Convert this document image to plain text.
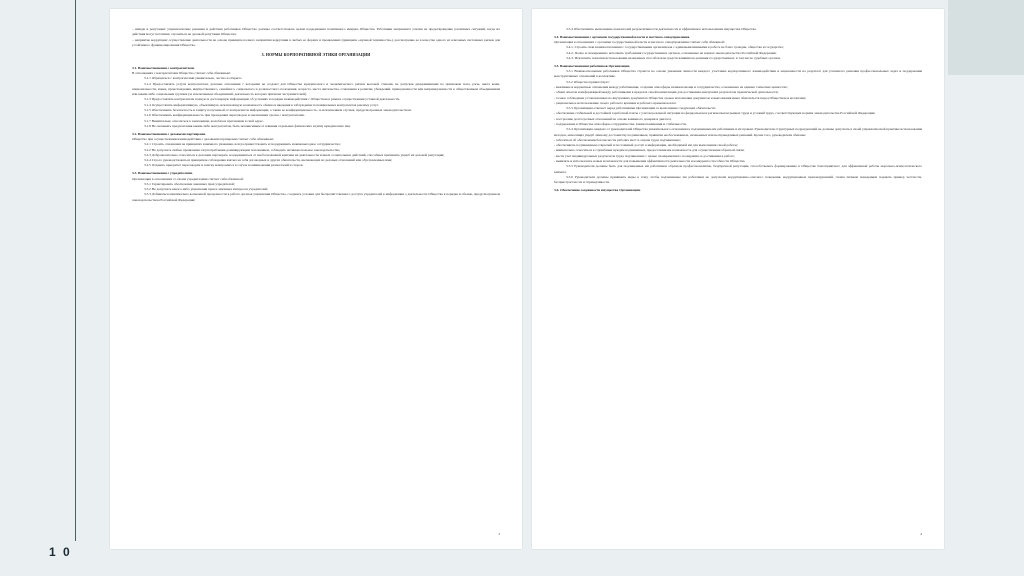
1 0

– имидж и репутация: управленческие решения и действия работников Общества должны соответствовать целям поддержания позитивного имиджа Общества. Работники направляют усилия на предотвращение различных ситуаций, когда их действия могут негативно отразиться на деловой репутации Общества;

– неприятие коррупции: осуществление деятельности на основе принципа полного неприятия коррупции в любых ее формах и проявлениях (принципа «нулевой терпимости»), рассмотрение ее в качестве одного из ключевых системных рисков для устойчивого функционирования Общества.

3. НОРМЫ КОРПОРАТИВНОЙ ЭТИКИ ОРГАНИЗАЦИИ

3.1. Взаимоотношения с контрагентами.

В отношениях с контрагентами Общество считает себя обязанным:

3.1.1 Обращаться с контрагентами уважительно, честно и открыто.

3.1.2 Предоставлять услуги контрагентам, деловые отношения с которыми не создают для Общества юридического и экономического рисков высокой степени, не допуская дискриминации по признакам пола, расы, цвета кожи, национальности, языка, происхождения, имущественного, семейного, социального и должностного положения, возраста, места жительства, отношения к религии, убеждений, принадлежности или непринадлежности к общественным объединениям или каким-либо социальным группам (за исключением объединений, деятельность которых признана экстремистской).

3.1.3 Предоставлять контрагентам полную и достоверную информацию об условиях и порядке взаимодействия с Обществом в рамках осуществления уставной деятельности.

3.1.4 Осуществлять информативную, объективную, исключающую возможность обмана и введения в заблуждение потенциальных контрагентов рекламу услуг.

3.1.5 Обеспечивать безопасность и защиту полученной от контрагентов информации, а также ее конфиденциальность, за исключением случаев, предусмотренных законодательством.

3.1.6 Обеспечивать конфиденциальность при проведении переговоров и заключении сделок с контрагентами.

3.1.7 Внимательно относиться к замечаниям, жалобам и претензиям в свой адрес.

3.1.8 Не оказывать предпочтения каким-либо контрагентам, быть независимым от влияния отдельных физических и (или) юридических лиц.

3.2. Взаимоотношения с деловыми партнерами.

Общество при осуществлении взаимодействия с деловыми партнерами считает себя обязанным:

3.2.1 Строить отношения на принципах взаимного уважения, всегда приветствовать и поддерживать взаимовыгодное сотрудничество;

3.2.2 Не допускать любые проявления злоупотребления доминирующим положением, соблюдать антимонопольное законодательство;

3.2.3 Доброжелательно относиться к деловым партнерам, воздерживаться от необоснованной критики их деятельности и иных сознательных действий, способных причинить ущерб их деловой репутации;

3.2.4 Строго руководствоваться принципом соблюдения взятых на себя договорных и других обязательств, вытекающих из деловых отношений или обусловленных ими;

3.2.5 Отдавать приоритет переговорам и поиску компромисса в случае возникновения разногласий и споров.

3.3. Взаимоотношения с учредителями.

Организация в отношениях со своим учредителями считает себя обязанной:

3.5.1 Гарантировать обеспечение законных прав учредителей;

3.5.2 Не допускать какого-либо ущемления прав и законных интересов учредителей;

3.5.3 Добиваться максимально возможной прозрачности в работе органов управления Общества, создавать условия для беспрепятственного доступа учредителей к информации о деятельности Общества в порядке и объеме, предусмотренном законодательством Российской Федерации;

3

3.5.4 Обеспечивать выполнение показателей результативности деятельности и эффективное использование имущества Общества.

3.4. Взаимоотношения с органами государственной власти и местного самоуправления.

Организация в отношениях с органами государственной власти и местного самоуправления считает себя обязанной:

3.4.1. Строить свои взаимоотношения с государственными органами как с единомышленниками в работе на благо граждан, общества и государства;

3.4.2. Полно и своевременно исполнять требования государственных органов, основанные на нормах законодательства Российской Федерации;

3.4.3. Исключить попытки использования незаконных способов или средств влияния на решения государственных, в том числе судебных органов.

3.5. Взаимоотношения работников Организации.

3.5.1 Взаимоотношения работников Общества строятся на основе уважения личности каждого участника корпоративного взаимодействия и нацеленности на результат для успешного решения профессиональных задач и поддержания конструктивных отношений в коллективе.

3.5.2 Общество приветствует:

- вежливые и корректные отношения между работниками, создание атмосферы взаимопомощи и сотрудничества, основанных на единых этических ценностях;

- обмен опытом и информацией между работниками в пределах своей компетенции для достижения наилучших результатов практической деятельности;

- точное соблюдение установленных во внутренних документах Общества сроков исполнения документов и выполнения иных обязательств перед Обществом и коллегами;

- рациональное использование своего рабочего времени и рабочего времени коллег.

3.5.3 Организация отвечает перед работниками Организации за выполнение следующих обязательств:

- обеспечение стабильной и достойной заработной платы с учетом реальной ситуации на федеральном и региональном рынках труда и условий труда, соответствующих нормам законодательства Российской Федерации;

- построение долгосрочных отношений на основе взаимного доверия и диалога;

- поддержание в Обществе атмосферы сотрудничества, взаимопонимания и стабильности.

3.5.4 Организация ожидает от руководителей Общества уважительного отношения к подчиненным им работникам и их правам. Руководители структурных подразделений не должны допускать в своей управленческой практике использования методов, наносящих ущерб личному достоинству подчиненных, принятия необоснованных, незаконных или несправедливых решений. Кроме того, руководители обязаны:

- заботиться об обеспечении безопасности рабочих мест и охране труда подчиненных;

- обеспечивать подчиненным открытый и постоянный доступ к информации, необходимой им для выполнения своей работы;

- внимательно относиться к служебным нуждам подчиненных, предоставляя им возможность для осуществления обратной связи;

- вести учет индивидуальных результатов труда подчиненных с целью своевременного поощрения за достижения в работе;

- выявлять и использовать новые возможности для повышения эффективности деятельности и конкурентоспособности Общества.

3.5.5 Руководители должны быть для подчиненных им работников образцом профессионализма, безупречной репутации, способствовать формированию в Обществе благоприятного для эффективной работы морально-психологического климата.

3.5.6 Руководители должны принимать меры к тому, чтобы подчиненные им работники не допускали коррупционно-опасного поведения, коррупционных правонарушений, своим личным поведением подавать пример честности, беспристрастности и справедливости.

3.6. Обеспечение сохранности имущества Организации.

4
